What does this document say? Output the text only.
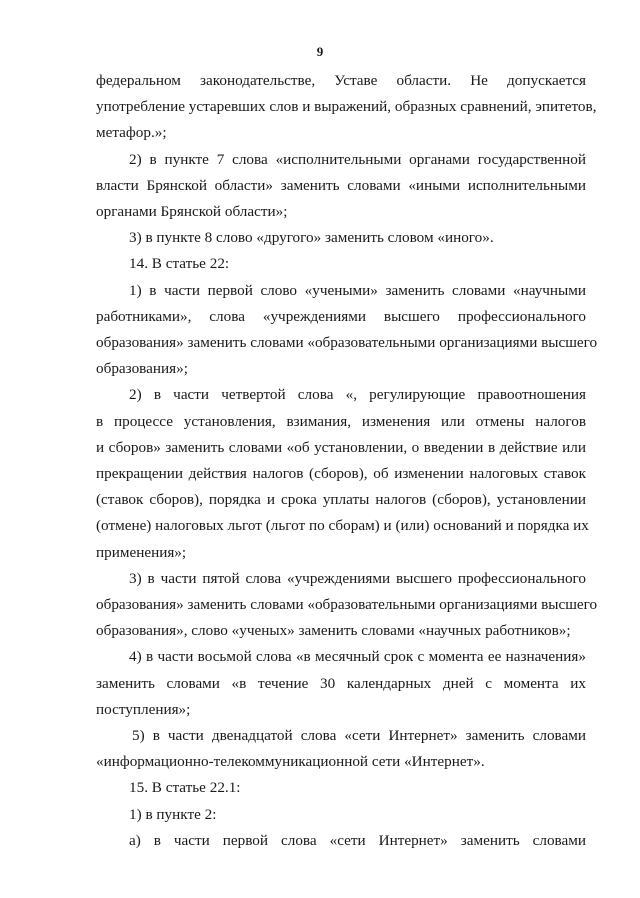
9

федеральном законодательстве, Уставе области. Не допускается
употребление устаревших слов и выражений, образных сравнений, эпитетов,
метафор.»;

2) в пункте 7 слова «исполнительными органами государственной
власти Брянской области» заменить словами «иными исполнительными
органами Брянской области»;

3) в пункте 8 слово «другого» заменить словом «иного».

14. В статье 22:

1) в части первой слово «учеными» заменить словами «научными
работниками», слова «учреждениями высшего профессионального
образования» заменить словами «образовательными организациями высшего
образования»;

2) в части четвертой слова «, регулирующие правоотношения
в процессе установления, взимания, изменения или отмены налогов
и сборов» заменить словами «об установлении, о введении в действие или
прекращении действия налогов (сборов), об изменении налоговых ставок
(ставок сборов), порядка и срока уплаты налогов (сборов), установлении
(отмене) налоговых льгот (льгот по сборам) и (или) оснований и порядка их
применения»;

3) в части пятой слова «учреждениями высшего профессионального
образования» заменить словами «образовательными организациями высшего
образования», слово «ученых» заменить словами «научных работников»;

4) в части восьмой слова «в месячный срок с момента ее назначения»
заменить словами «в течение 30 календарных дней с момента их
поступления»;

5) в части двенадцатой слова «сети Интернет» заменить словами
«информационно-телекоммуникационной сети «Интернет».

15. В статье 22.1:

1) в пункте 2:

а) в части первой слова «сети Интернет» заменить словами
